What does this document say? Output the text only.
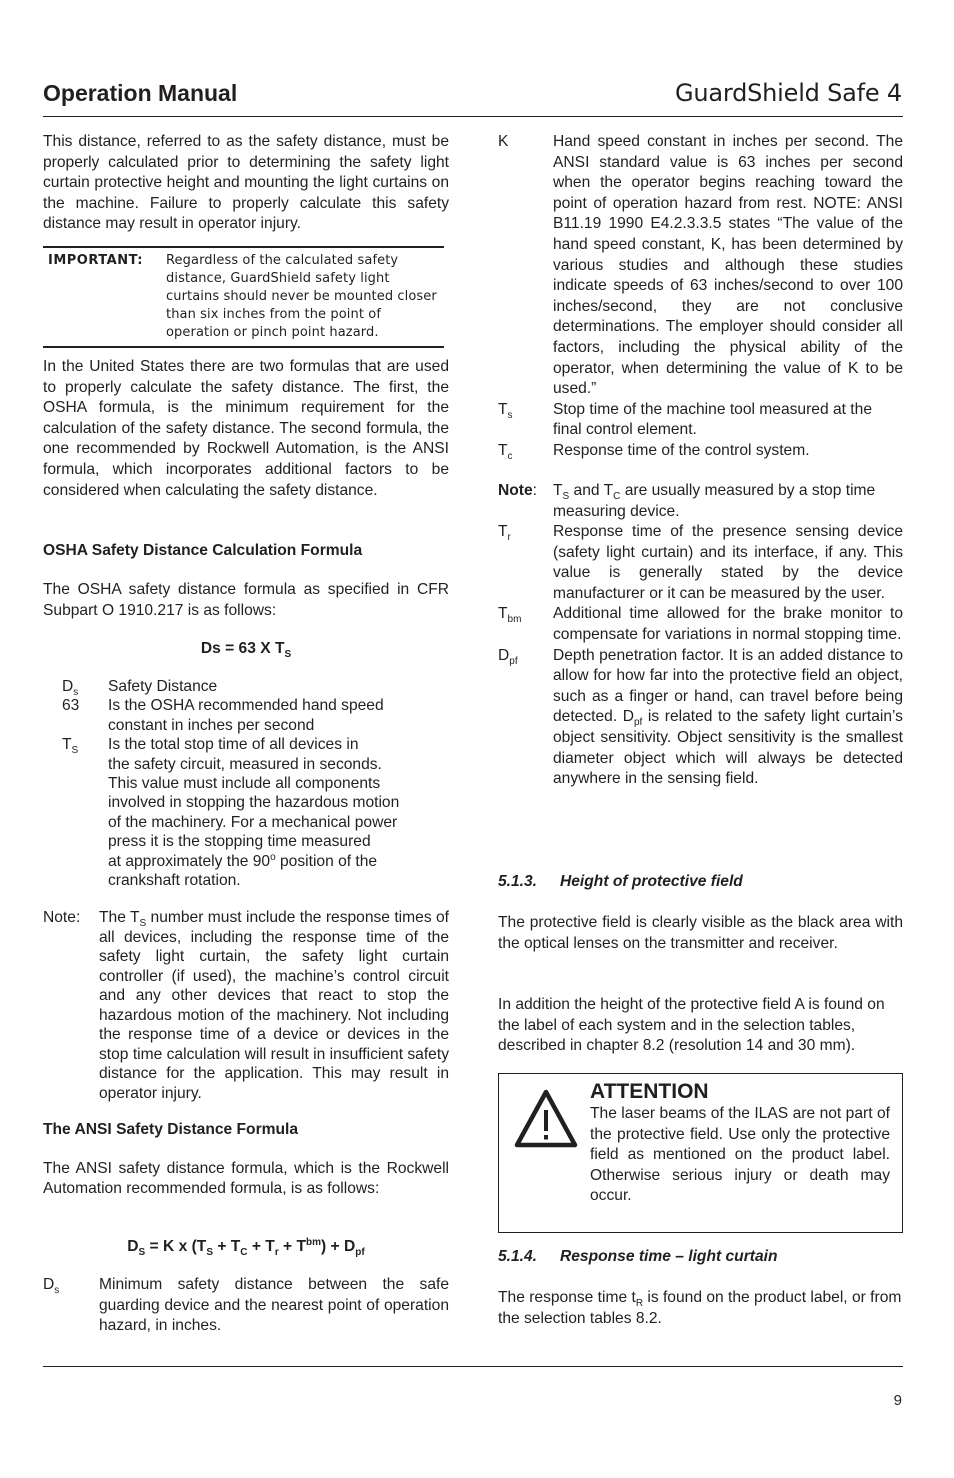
Operation Manual	GuardShield Safe 4

This distance, referred to as the safety distance, must be properly calculated prior to determining the safety light curtain protective height and mounting the light curtains on the machine. Failure to properly calculate this safety distance may result in operator injury.

IMPORTANT: Regardless of the calculated safety
distance, GuardShield safety light
curtains should never be mounted closer
than six inches from the point of
operation or pinch point hazard.

In the United States there are two formulas that are used to properly calculate the safety distance. The first, the OSHA formula, is the minimum requirement for the calculation of the safety distance. The second formula, the one recommended by Rockwell Automation, is the ANSI formula, which incorporates additional factors to be considered when calculating the safety distance.

OSHA Safety Distance Calculation Formula

The OSHA safety distance formula as specified in CFR Subpart O 1910.217 is as follows:

Ds = 63 X $T_S$
$D_s$	Safety Distance
63	Is the OSHA recommended hand speed
constant in inches per second
$T_S$	Is the total stop time of all devices in
the safety circuit, measured in seconds.
This value must include all components
involved in stopping the hazardous motion
of the machinery. For a mechanical power
press it is the stopping time measured
at approximately the 90$^o$ position of the
crankshaft rotation.
Note:	The $T_S$ number must include the response times of all devices, including the response time of the safety light curtain, the safety light curtain controller (if used), the machine’s control circuit and any other devices that react to stop the hazardous motion of the machinery. Not including the response time of a device or devices in the stop time calculation will result in insufficient safety distance for the application. This may result in operator injury.
The ANSI Safety Distance Formula

The ANSI safety distance formula, which is the Rockwell Automation recommended formula, is as follows:

$D_S = K$ x $(T_S + T_C + T_r + T^{bm}) + D_{pf}$
$D_s$	Minimum safety distance between the safe guarding device and the nearest point of operation hazard, in inches.
K	Hand speed constant in inches per second. The ANSI standard value is 63 inches per second when the operator begins reaching toward the point of operation hazard from rest. NOTE: ANSI B11.19 1990 E4.2.3.3.5 states “The value of the hand speed constant, K, has been determined by various studies and although these studies indicate speeds of 63 inches/second to over 100 inches/second, they are not conclusive determinations. The employer should consider all factors, including the physical ability of the operator, when determining the value of K to be used.”
$T_s$	Stop time of the machine tool measured at the final control element.
$T_c$	Response time of the control system.
Note:	$T_S$ and $T_C$ are usually measured by a stop time measuring device.
$T_r$	Response time of the presence sensing device (safety light curtain) and its interface, if any. This value is generally stated by the device manufacturer or it can be measured by the user.
$T_{bm}$	Additional time allowed for the brake monitor to compensate for variations in normal stopping time.
$D_{pf}$	Depth penetration factor. It is an added distance to allow for how far into the protective field an object, such as a finger or hand, can travel before being detected. $D_{pf}$ is related to the safety light curtain’s object sensitivity. Object sensitivity is the smallest diameter object which will always be detected anywhere in the sensing field.
5.1.3. Height of protective field

The protective field is clearly visible as the black area with the optical lenses on the transmitter and receiver.

In addition the height of the protective field A is found on the label of each system and in the selection tables, described in chapter 8.2 (resolution 14 and 30 mm).

ATTENTION
The laser beams of the ILAS are not part of the protective field. Use only the protective field as mentioned on the product label. Otherwise serious injury or death may occur.
5.1.4. Response time – light curtain
The response time $t_R$ is found on the product label, or from the selection tables 8.2.
9
